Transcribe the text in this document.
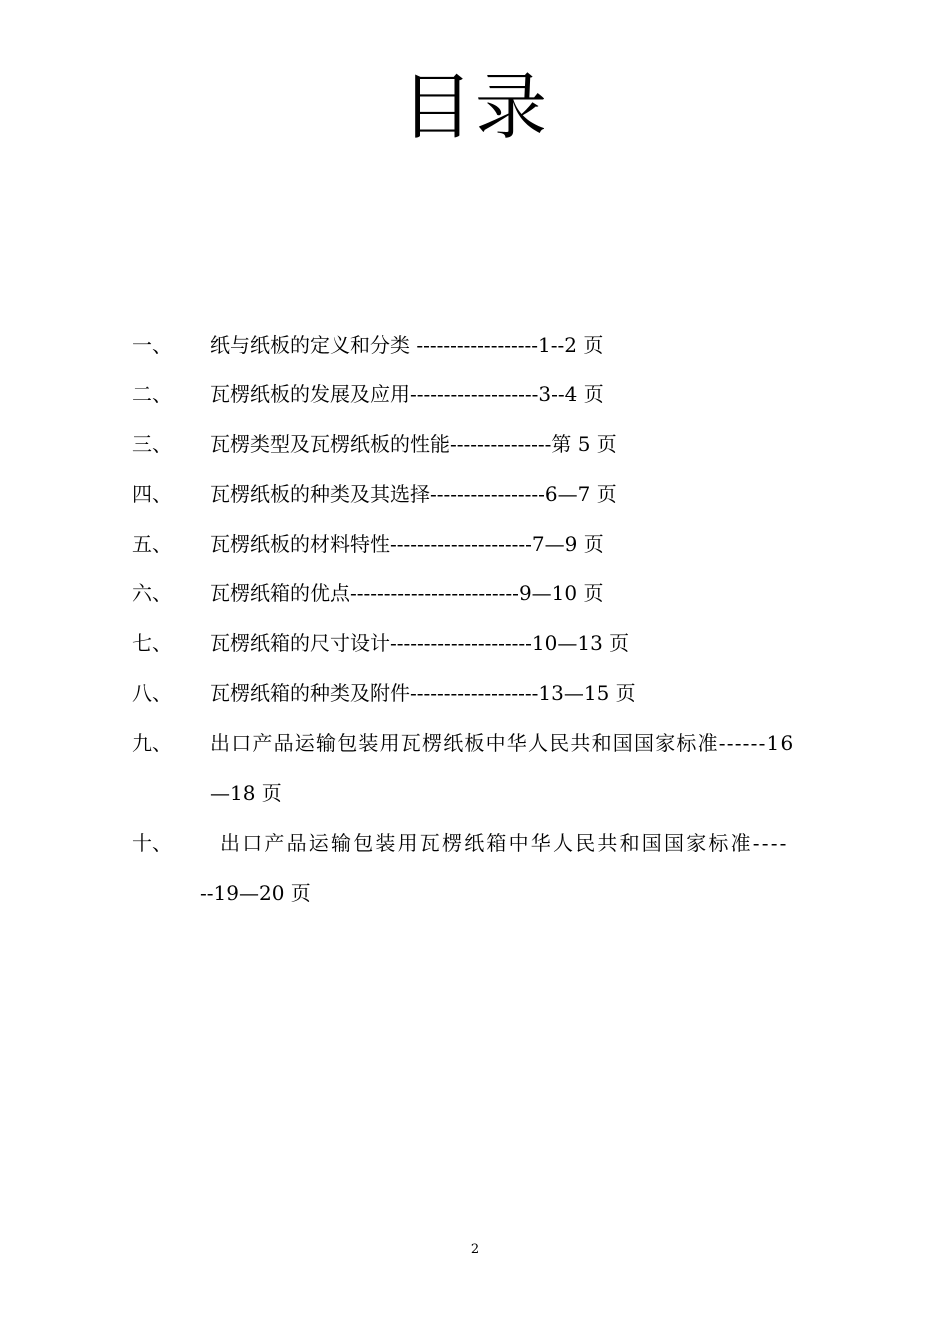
目录
一、 纸与纸板的定义和分类 ------------------1--2 页
二、 瓦楞纸板的发展及应用-------------------3--4 页
三、 瓦楞类型及瓦楞纸板的性能---------------第 5 页
四、 瓦楞纸板的种类及其选择-----------------6—7 页
五、 瓦楞纸板的材料特性---------------------7—9 页
六、 瓦楞纸箱的优点-------------------------9—10 页
七、 瓦楞纸箱的尺寸设计---------------------10—13 页
八、 瓦楞纸箱的种类及附件-------------------13—15 页
九、 出口产品运输包装用瓦楞纸板中华人民共和国国家标准------16
—18 页
十、 出口产品运输包装用瓦楞纸箱中华人民共和国国家标准----
--19—20 页
2
